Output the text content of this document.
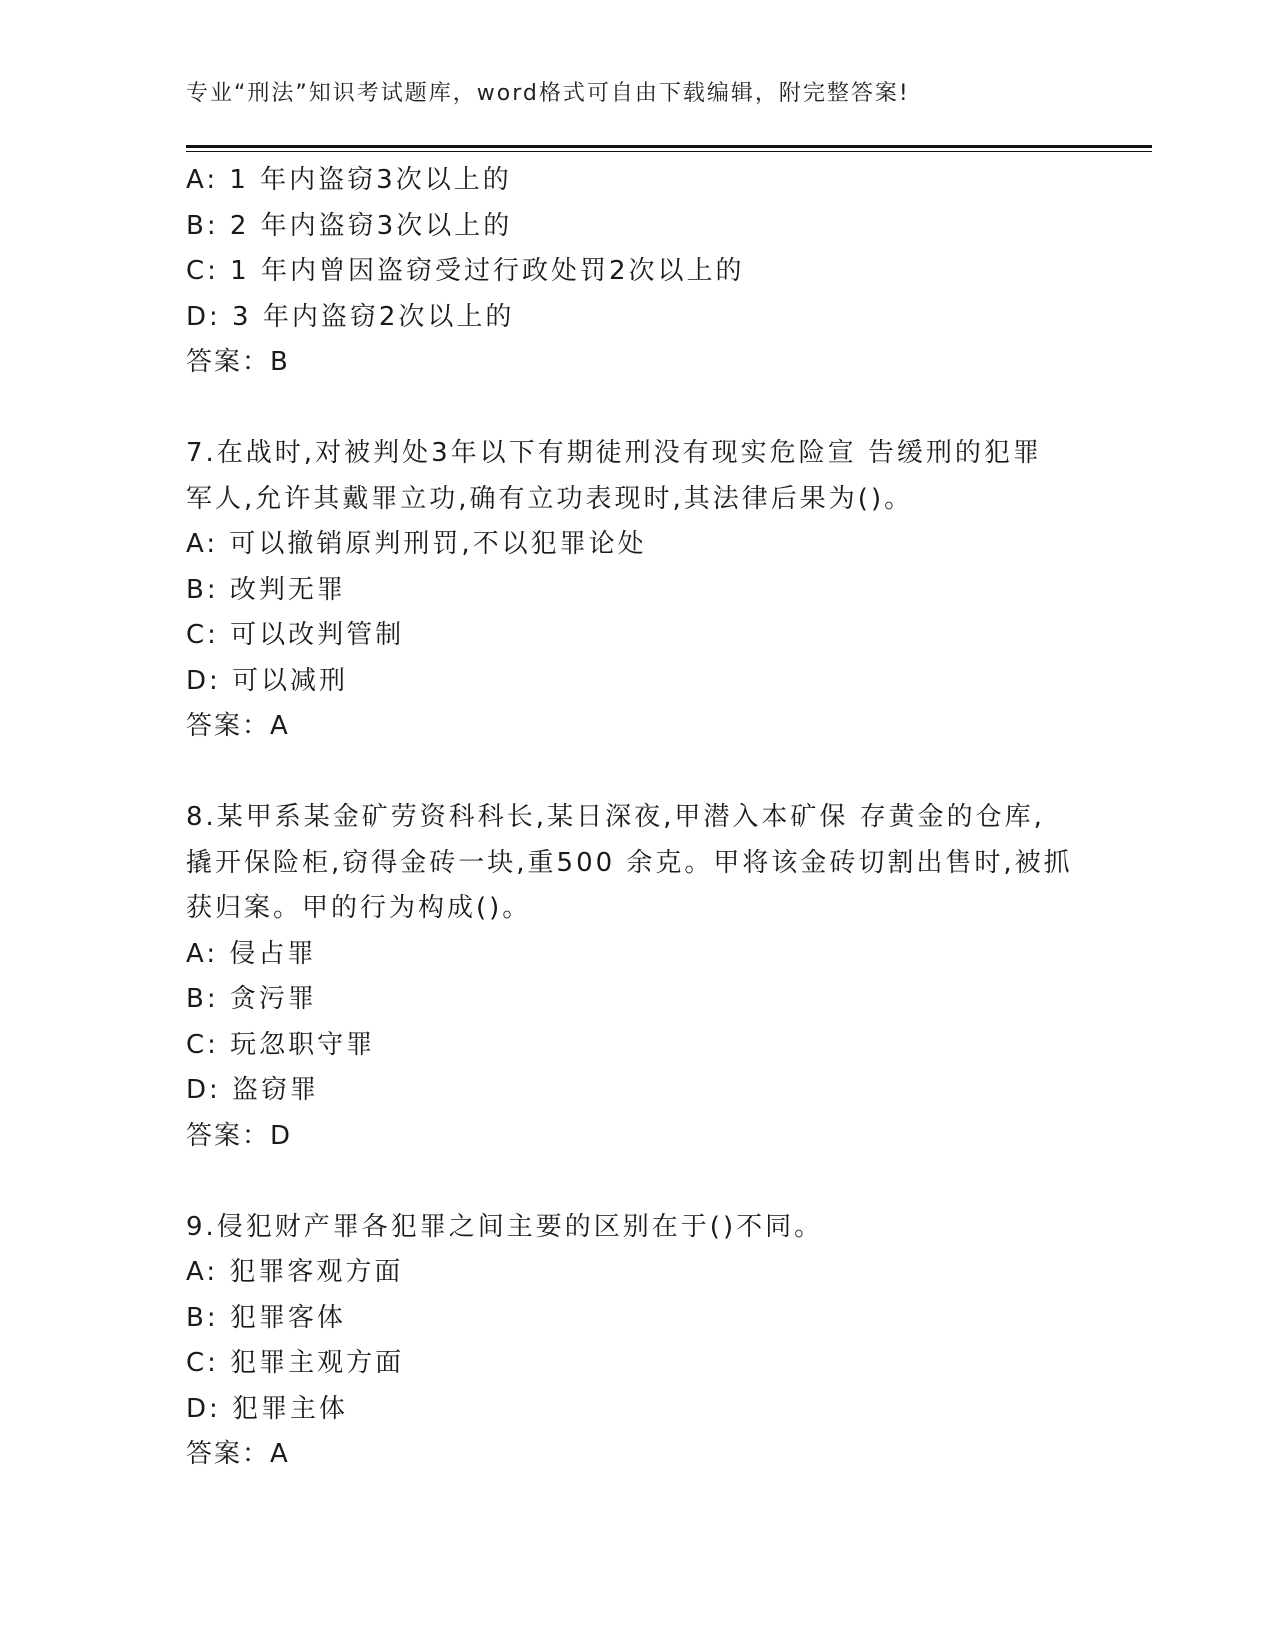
专业“刑法”知识考试题库，word格式可自由下载编辑，附完整答案!
A: 1 年内盗窃3次以上的
B: 2 年内盗窃3次以上的
C: 1 年内曾因盗窃受过行政处罚2次以上的
D: 3 年内盗窃2次以上的
答案：B
7.在战时,对被判处3年以下有期徒刑没有现实危险宣 告缓刑的犯罪
军人,允许其戴罪立功,确有立功表现时,其法律后果为()。
A: 可以撤销原判刑罚,不以犯罪论处
B: 改判无罪
C: 可以改判管制
D: 可以减刑
答案：A
8.某甲系某金矿劳资科科长,某日深夜,甲潜入本矿保 存黄金的仓库,
撬开保险柜,窃得金砖一块,重500 余克。甲将该金砖切割出售时,被抓
获归案。甲的行为构成()。
A: 侵占罪
B: 贪污罪
C: 玩忽职守罪
D: 盗窃罪
答案：D
9.侵犯财产罪各犯罪之间主要的区别在于()不同。
A: 犯罪客观方面
B: 犯罪客体
C: 犯罪主观方面
D: 犯罪主体
答案：A
